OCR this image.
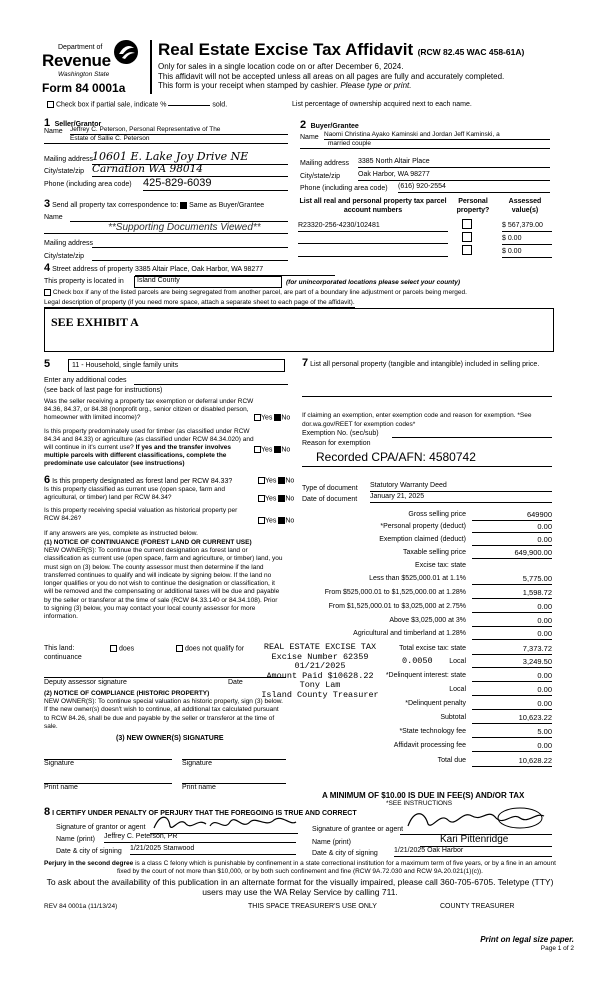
Department of
Revenue
Washington State
Form 84 0001a
Real Estate Excise Tax Affidavit (RCW 82.45 WAC 458-61A)
Only for sales in a single location code on or after December 6, 2024.
This affidavit will not be accepted unless all areas on all pages are fully and accurately completed.
This form is your receipt when stamped by cashier. Please type or print.
Check box if partial sale, indicate %	sold.	List percentage of ownership acquired next to each name.
1 Seller/Grantor
Name Jeffrey C. Peterson, Personal Representative of The
Estate of Sallie C. Peterson
Mailing address
10601 E. Lake Joy Drive NE
City/state/zip Carnation WA 98014
Phone (including area code) 425-829-6039
2 Buyer/Grantee
Name Naomi Christina Ayako Kaminski and Jordan Jeff Kaminski, a
married couple
Mailing address 3385 North Altair Place
City/state/zip	Oak Harbor, WA 98277
Phone (including area code) (616) 920-2554
3 Send all property tax correspondence to: Same as Buyer/Grantee
Name
**Supporting Documents Viewed**
Mailing address
City/state/zip
List all real and personal property tax parcel account numbers
Personal property?
Assessed value(s)
R23320-256-4230/102481	$ 567,379.00
$ 0.00
$ 0.00
4 Street address of property 3385 Altair Place, Oak Harbor, WA 98277
This property is located in	Island County	(for unincorporated locations please select your county)
Check box if any of the listed parcels are being segregated from another parcel, are part of a boundary line adjustment or parcels being merged.
Legal description of property (if you need more space, attach a separate sheet to each page of the affidavit).
SEE EXHIBIT A
5	11 - Household, single family units
Enter any additional codes
(see back of last page for instructions)
Was the seller receiving a property tax exemption or deferral under RCW 84.36, 84.37, or 84.38 (nonprofit org., senior citizen or disabled person, homeowner with limited income)?	Yes No
Is this property predominately used for timber (as classified under RCW 84.34 and 84.33) or agriculture (as classified under RCW 84.34.020) and will continue in it's current use? If yes and the transfer involves multiple parcels with different classifications, complete the predominate use calculator (see instructions)
Yes No
6 Is this property designated as forest land per RCW 84.33?	Yes No
Is this property classified as current use (open space, farm and agricultural, or timber) land per RCW 84.34?	Yes No
Is this property receiving special valuation as historical property per RCW 84.26?	Yes No
If any answers are yes, complete as instructed below.
(1) NOTICE OF CONTINUANCE (FOREST LAND OR CURRENT USE)
NEW OWNER(S): To continue the current designation as forest land or classification as current use (open space, farm and agriculture, or timber) land, you must sign on (3) below. The county assessor must then determine if the land transferred continues to qualify and will indicate by signing below. If the land no longer qualifies or you do not wish to continue the designation or classification, it will be removed and the compensating or additional taxes will be due and payable by the seller or transferor at the time of sale (RCW 84.33.140 or 84.34.108). Prior to signing (3) below, you may contact your local county assessor for more information.
This land:	does	does not qualify for
continuance
Deputy assessor signature	Date
(2) NOTICE OF COMPLIANCE (HISTORIC PROPERTY)
NEW OWNER(S): To continue special valuation as historic property, sign (3) below. If the new owner(s) doesn't wish to continue, all additional tax calculated pursuant to RCW 84.26, shall be due and payable by the seller or transferor at the time of sale.
(3) NEW OWNER(S) SIGNATURE
Signature	Signature
Print name	Print name
7 List all personal property (tangible and intangible) included in selling price.
If claiming an exemption, enter exemption code and reason for exemption. *See dor.wa.gov/REET for exemption codes*
Exemption No. (sec/sub)
Reason for exemption
Recorded CPA/AFN: 4580742
Type of document Statutory Warranty Deed
Date of document January 21, 2025
Gross selling price	649900
*Personal property (deduct)	0.00
Exemption claimed (deduct)	0.00
Taxable selling price	649,900.00
Excise tax: state
Less than $525,000.01 at 1.1%	5,775.00
From $525,000.01 to $1,525,000.00 at 1.28%	1,598.72
From $1,525,000.01 to $3,025,000 at 2.75%	0.00
Above $3,025,000 at 3%	0.00
Agricultural and timberland at 1.28%	0.00
Total excise tax: state	7,373.72
Local	3,249.50
*Delinquent interest: state	0.00
Local	0.00
*Delinquent penalty	0.00
Subtotal	10,623.22
*State technology fee	5.00
Affidavit processing fee	0.00
Total due	10,628.22
REAL ESTATE EXCISE TAX
Excise Number 62359
01/21/2025
Amount Paid $10628.22
Tony Lam
Island County Treasurer
0.0050
A MINIMUM OF $10.00 IS DUE IN FEE(S) AND/OR TAX
*SEE INSTRUCTIONS
8 I CERTIFY UNDER PENALTY OF PERJURY THAT THE FOREGOING IS TRUE AND CORRECT
Signature of grantor or agent
Name (print) Jeffrey C. Peterson, PR
Date & city of signing 1/21/2025 Stanwood
Signature of grantee or agent
Name (print)	Kari Pittenridge
Date & city of signing 1/21/2025 Oak Harbor
Perjury in the second degree is a class C felony which is punishable by confinement in a state correctional institution for a maximum term of five years, or by a fine in an amount fixed by the court of not more than $10,000, or by both such confinement and fine (RCW 9A.72.030 and RCW 9A.20.021(1)(c)).
To ask about the availability of this publication in an alternate format for the visually impaired, please call 360-705-6705. Teletype (TTY) users may use the WA Relay Service by calling 711.
REV 84 0001a (11/13/24)	THIS SPACE TREASURER'S USE ONLY	COUNTY TREASURER
Print on legal size paper.
Page 1 of 2
